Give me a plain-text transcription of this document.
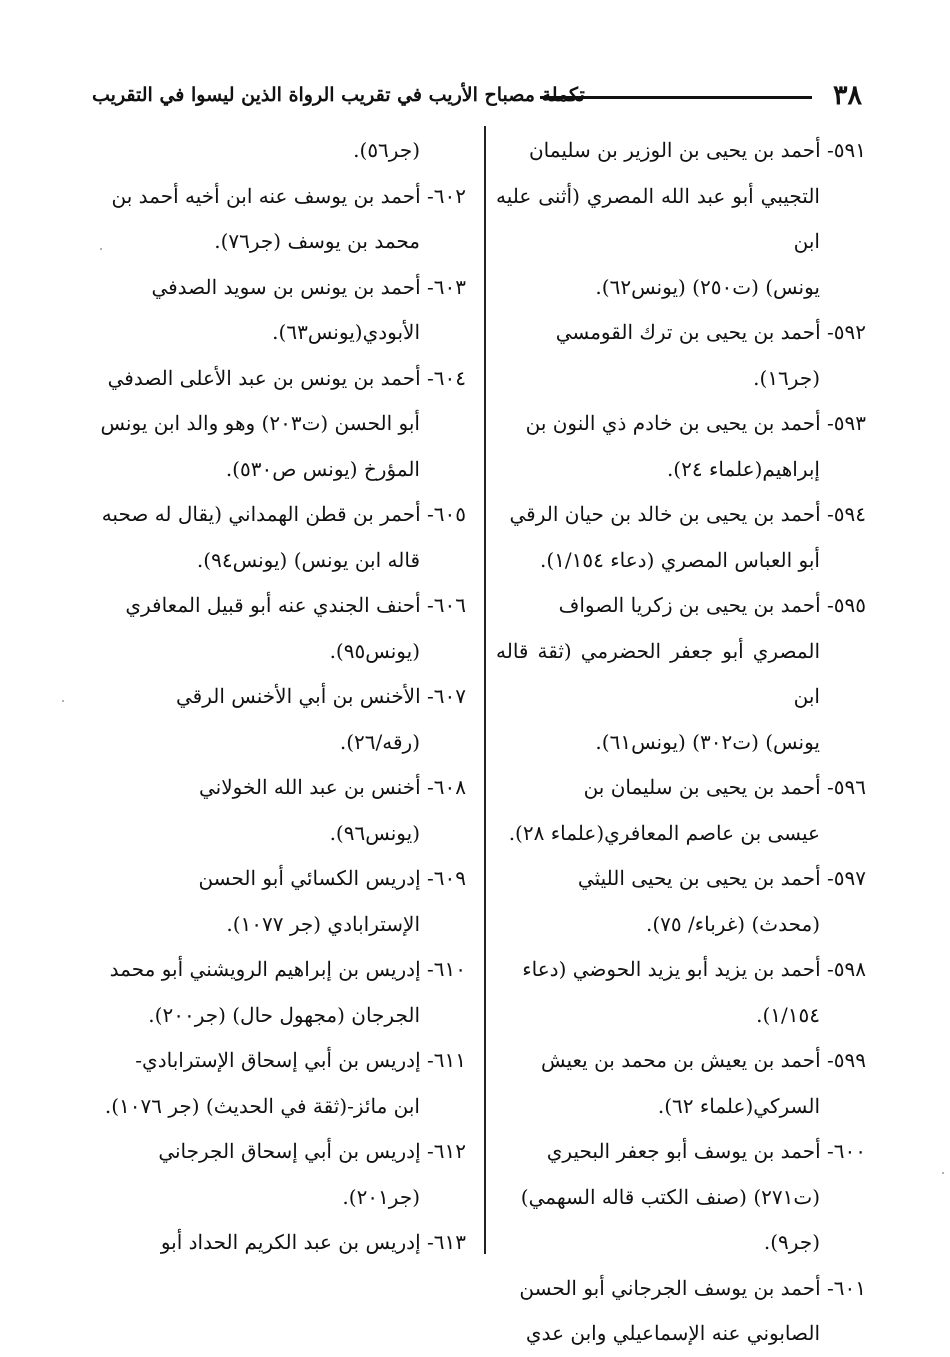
٣٨
تكملة مصباح الأريب في تقريب الرواة الذين ليسوا في التقريب
٥٩١- أحمد بن يحيى بن الوزير بن سليمان
التجيبي أبو عبد الله المصري (أثنى عليه ابن
يونس) (ت٢٥٠) (يونس٦٢).
٥٩٢- أحمد بن يحيى بن ترك القومسي
(جر١٦).
٥٩٣- أحمد بن يحيى بن خادم ذي النون بن
إبراهيم(علماء ٢٤).
٥٩٤- أحمد بن يحيى بن خالد بن حيان الرقي
أبو العباس المصري (دعاء ١/١٥٤).
٥٩٥- أحمد بن يحيى بن زكريا الصواف
المصري أبو جعفر الحضرمي (ثقة قاله ابن
يونس) (ت٣٠٢) (يونس٦١).
٥٩٦- أحمد بن يحيى بن سليمان بن
عيسى بن عاصم المعافري(علماء ٢٨).
٥٩٧- أحمد بن يحيى بن يحيى الليثي
(محدث) (غرباء/ ٧٥).
٥٩٨- أحمد بن يزيد أبو يزيد الحوضي (دعاء
١/١٥٤).
٥٩٩- أحمد بن يعيش بن محمد بن يعيش
السركي(علماء ٦٢).
٦٠٠- أحمد بن يوسف أبو جعفر البحيري
(ت٢٧١) (صنف الكتب قاله السهمي)
(جر٩).
٦٠١- أحمد بن يوسف الجرجاني أبو الحسن
الصابوني عنه الإسماعيلي وابن عدي
(جر٥٦).
٦٠٢- أحمد بن يوسف عنه ابن أخيه أحمد بن
محمد بن يوسف (جر٧٦).
٦٠٣- أحمد بن يونس بن سويد الصدفي
الأبودي(يونس٦٣).
٦٠٤- أحمد بن يونس بن عبد الأعلى الصدفي
أبو الحسن (ت٢٠٣) وهو والد ابن يونس
المؤرخ (يونس ص٥٣٠).
٦٠٥- أحمر بن قطن الهمداني (يقال له صحبه
قاله ابن يونس) (يونس٩٤).
٦٠٦- أحنف الجندي عنه أبو قبيل المعافري
(يونس٩٥).
٦٠٧- الأخنس بن أبي الأخنس الرقي
(رقه/٢٦).
٦٠٨- أخنس بن عبد الله الخولاني
(يونس٩٦).
٦٠٩- إدريس الكسائي أبو الحسن
الإسترابادي (جر ١٠٧٧).
٦١٠- إدريس بن إبراهيم الرويشني أبو محمد
الجرجان (مجهول حال) (جر٢٠٠).
٦١١- إدريس بن أبي إسحاق الإسترابادي-
ابن مائز-(ثقة في الحديث) (جر ١٠٧٦).
٦١٢- إدريس بن أبي إسحاق الجرجاني
(جر٢٠١).
٦١٣- إدريس بن عبد الكريم الحداد أبو
